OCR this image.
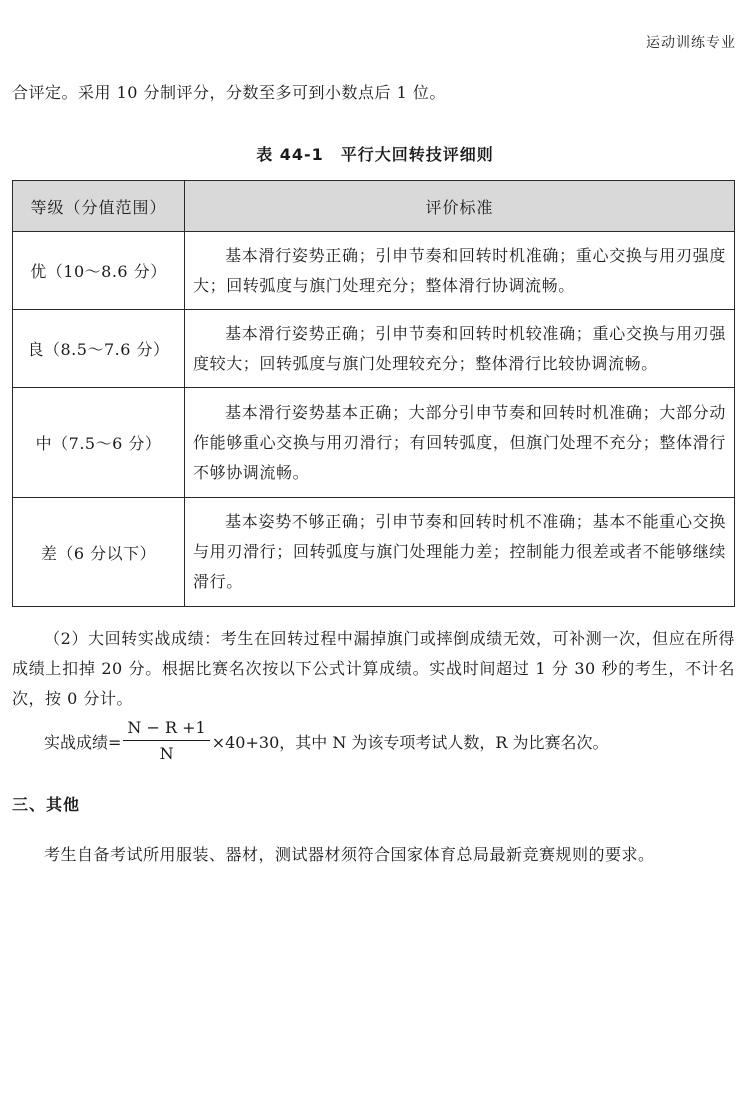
运动训练专业
合评定。采用 10 分制评分，分数至多可到小数点后 1 位。
表 44-1　平行大回转技评细则
等级（分值范围）	评价标准
优（10～8.6 分）	基本滑行姿势正确；引申节奏和回转时机准确；重心交换与用刃强度大；回转弧度与旗门处理充分；整体滑行协调流畅。
良（8.5～7.6 分）	基本滑行姿势正确；引申节奏和回转时机较准确；重心交换与用刃强度较大；回转弧度与旗门处理较充分；整体滑行比较协调流畅。
中（7.5～6 分）	基本滑行姿势基本正确；大部分引申节奏和回转时机准确；大部分动作能够重心交换与用刃滑行；有回转弧度，但旗门处理不充分；整体滑行不够协调流畅。
差（6 分以下）	基本姿势不够正确；引申节奏和回转时机不准确；基本不能重心交换与用刃滑行；回转弧度与旗门处理能力差；控制能力很差或者不能够继续滑行。
（2）大回转实战成绩：考生在回转过程中漏掉旗门或摔倒成绩无效，可补测一次，但应在所得成绩上扣掉 20 分。根据比赛名次按以下公式计算成绩。实战时间超过 1 分 30 秒的考生，不计名次，按 0 分计。
实战成绩= $\frac{N - R +1}{N} \times 40+30$，其中 N 为该专项考试人数，R 为比赛名次。
三、其他
考生自备考试所用服装、器材，测试器材须符合国家体育总局最新竞赛规则的要求。
